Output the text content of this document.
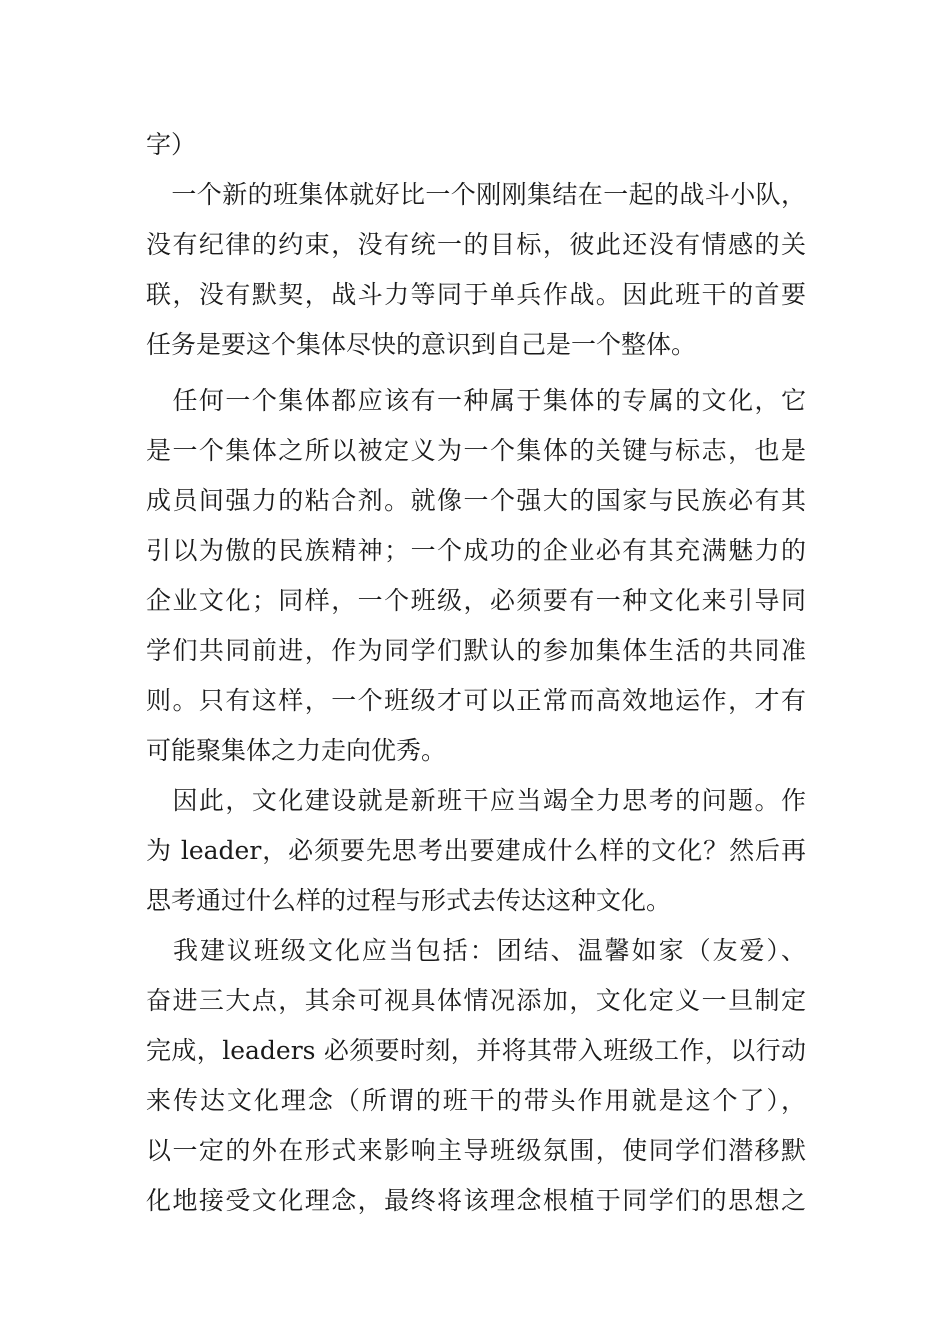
字）
　一个新的班集体就好比一个刚刚集结在一起的战斗小队，
没有纪律的约束，没有统一的目标，彼此还没有情感的关
联，没有默契，战斗力等同于单兵作战。因此班干的首要
任务是要这个集体尽快的意识到自己是一个整体。
　任何一个集体都应该有一种属于集体的专属的文化，它
是一个集体之所以被定义为一个集体的关键与标志，也是
成员间强力的粘合剂。就像一个强大的国家与民族必有其
引以为傲的民族精神；一个成功的企业必有其充满魅力的
企业文化；同样，一个班级，必须要有一种文化来引导同
学们共同前进，作为同学们默认的参加集体生活的共同准
则。只有这样，一个班级才可以正常而高效地运作，才有
可能聚集体之力走向优秀。
　因此，文化建设就是新班干应当竭全力思考的问题。作
为 leader，必须要先思考出要建成什么样的文化？然后再
思考通过什么样的过程与形式去传达这种文化。
　我建议班级文化应当包括：团结、温馨如家（友爱）、
奋进三大点，其余可视具体情况添加，文化定义一旦制定
完成，leaders 必须要时刻，并将其带入班级工作，以行动
来传达文化理念（所谓的班干的带头作用就是这个了），
以一定的外在形式来影响主导班级氛围，使同学们潜移默
化地接受文化理念，最终将该理念根植于同学们的思想之
